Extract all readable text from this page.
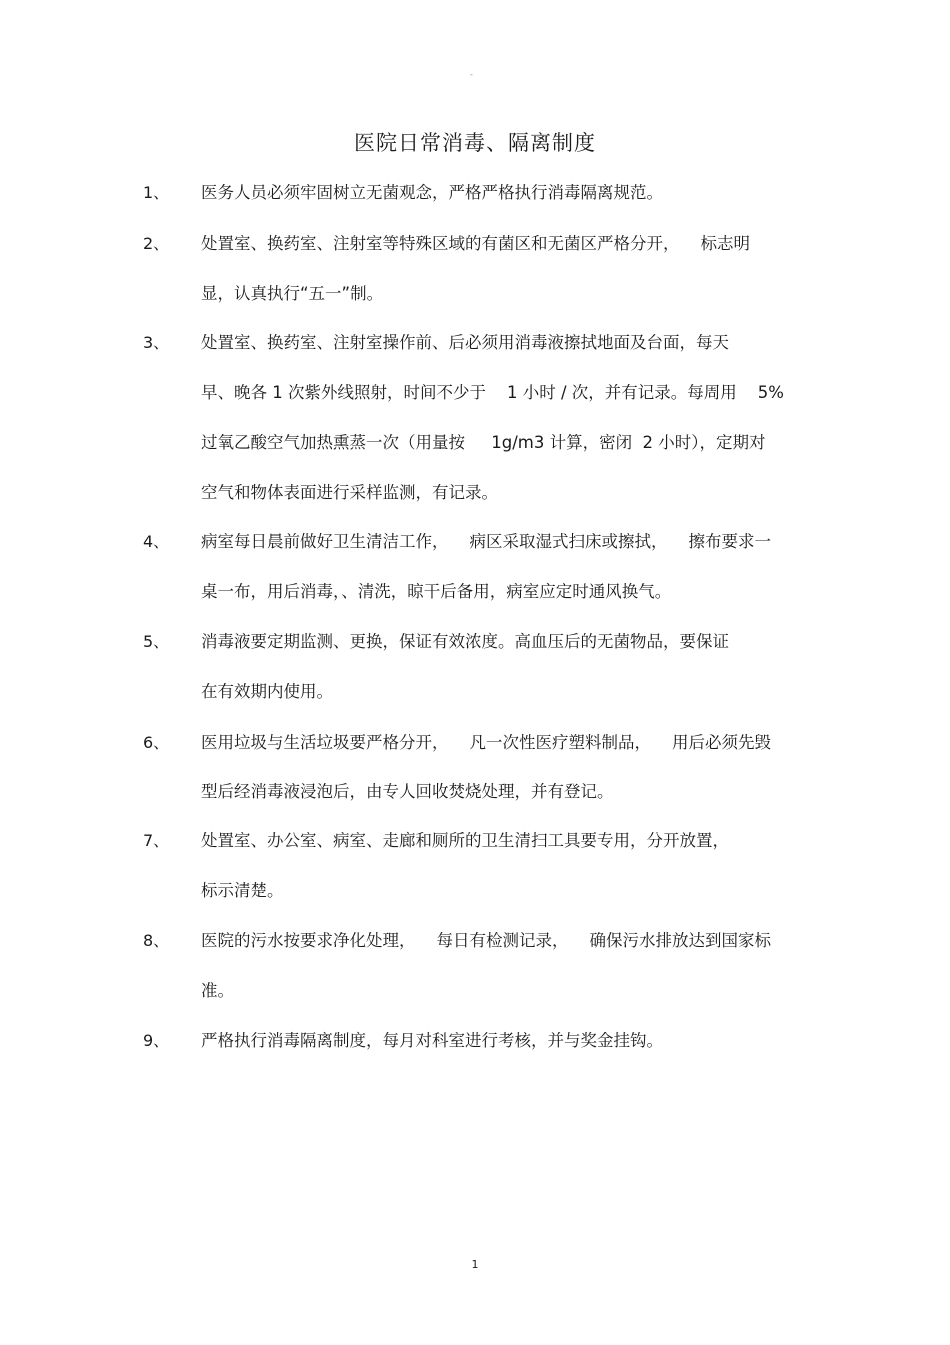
-
医院日常消毒、隔离制度
1、 医务人员必须牢固树立无菌观念，严格严格执行消毒隔离规范。
2、 处置室、换药室、注射室等特殊区域的有菌区和无菌区严格分开，    标志明
显，认真执行“五一”制。
3、 处置室、换药室、注射室操作前、后必须用消毒液擦拭地面及台面，每天
早、晚各 1 次紫外线照射，时间不少于    1 小时 / 次，并有记录。每周用    5%
过氧乙酸空气加热熏蒸一次（用量按     1g/m3 计算，密闭  2 小时），定期对
空气和物体表面进行采样监测，有记录。
4、 病室每日晨前做好卫生清洁工作，    病区采取湿式扫床或擦拭，    擦布要求一
桌一布，用后消毒，、清洗，晾干后备用，病室应定时通风换气。
5、 消毒液要定期监测、更换，保证有效浓度。高血压后的无菌物品，要保证
在有效期内使用。
6、 医用垃圾与生活垃圾要严格分开，    凡一次性医疗塑料制品，    用后必须先毁
型后经消毒液浸泡后，由专人回收焚烧处理，并有登记。
7、 处置室、办公室、病室、走廊和厕所的卫生清扫工具要专用，分开放置，
标示清楚。
8、 医院的污水按要求净化处理，    每日有检测记录，    确保污水排放达到国家标
准。
9、 严格执行消毒隔离制度，每月对科室进行考核，并与奖金挂钩。
1
